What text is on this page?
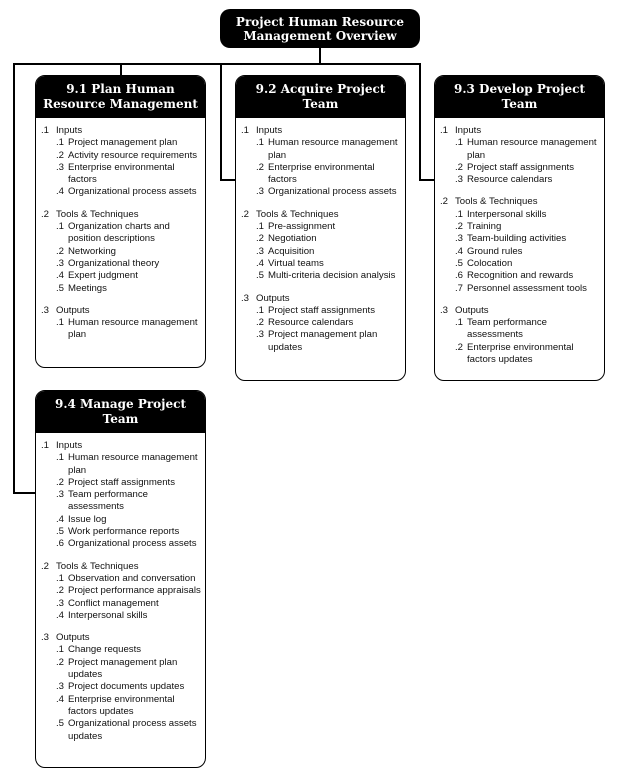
Project Human Resource Management Overview
9.1 Plan Human Resource Management
.1 Inputs
.1 Project management plan
.2 Activity resource requirements
.3 Enterprise environmental factors
.4 Organizational process assets
.2 Tools & Techniques
.1 Organization charts and position descriptions
.2 Networking
.3 Organizational theory
.4 Expert judgment
.5 Meetings
.3 Outputs
.1 Human resource management plan
9.2 Acquire Project Team
.1 Inputs
.1 Human resource management plan
.2 Enterprise environmental factors
.3 Organizational process assets
.2 Tools & Techniques
.1 Pre-assignment
.2 Negotiation
.3 Acquisition
.4 Virtual teams
.5 Multi-criteria decision analysis
.3 Outputs
.1 Project staff assignments
.2 Resource calendars
.3 Project management plan updates
9.3 Develop Project Team
.1 Inputs
.1 Human resource management plan
.2 Project staff assignments
.3 Resource calendars
.2 Tools & Techniques
.1 Interpersonal skills
.2 Training
.3 Team-building activities
.4 Ground rules
.5 Colocation
.6 Recognition and rewards
.7 Personnel assessment tools
.3 Outputs
.1 Team performance assessments
.2 Enterprise environmental factors updates
9.4 Manage Project Team
.1 Inputs
.1 Human resource management plan
.2 Project staff assignments
.3 Team performance assessments
.4 Issue log
.5 Work performance reports
.6 Organizational process assets
.2 Tools & Techniques
.1 Observation and conversation
.2 Project performance appraisals
.3 Conflict management
.4 Interpersonal skills
.3 Outputs
.1 Change requests
.2 Project management plan updates
.3 Project documents updates
.4 Enterprise environmental factors updates
.5 Organizational process assets updates
